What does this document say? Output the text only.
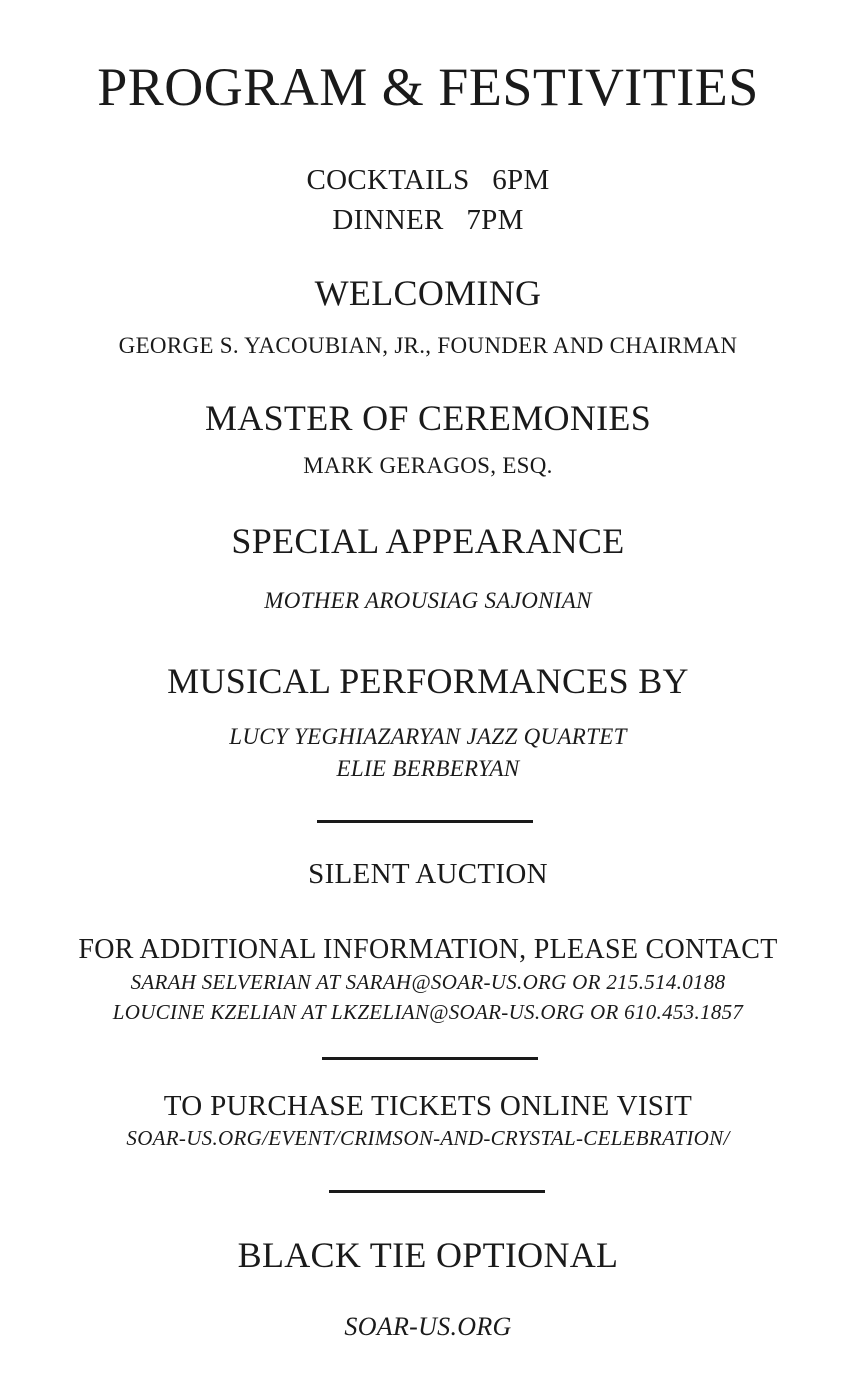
PROGRAM & FESTIVITIES
COCKTAILS   6PM
DINNER   7PM
WELCOMING
GEORGE S. YACOUBIAN, JR., FOUNDER AND CHAIRMAN
MASTER OF CEREMONIES
MARK GERAGOS, ESQ.
SPECIAL APPEARANCE
MOTHER AROUSIAG SAJONIAN
MUSICAL PERFORMANCES BY
LUCY YEGHIAZARYAN JAZZ QUARTET
ELIE BERBERYAN
SILENT AUCTION
FOR ADDITIONAL INFORMATION, PLEASE CONTACT
SARAH SELVERIAN AT SARAH@SOAR-US.ORG OR 215.514.0188
LOUCINE KZELIAN AT LKZELIAN@SOAR-US.ORG OR 610.453.1857
TO PURCHASE TICKETS ONLINE VISIT
SOAR-US.ORG/EVENT/CRIMSON-AND-CRYSTAL-CELEBRATION/
BLACK TIE OPTIONAL
SOAR-US.ORG
